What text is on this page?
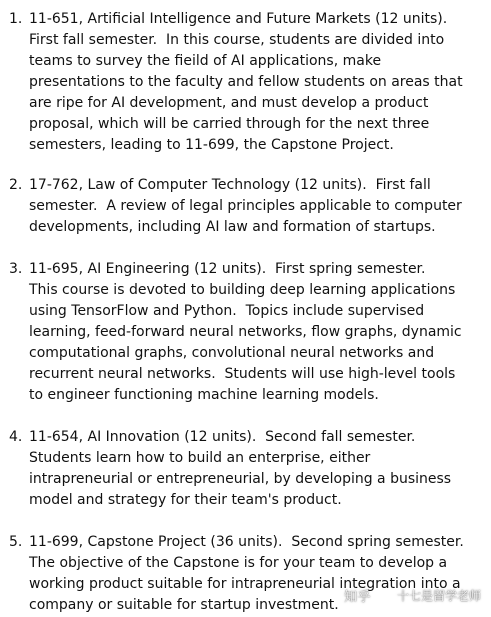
1. 11-651, Artificial Intelligence and Future Markets (12 units).
First fall semester.  In this course, students are divided into
teams to survey the fieild of AI applications, make
presentations to the faculty and fellow students on areas that
are ripe for AI development, and must develop a product
proposal, which will be carried through for the next three
semesters, leading to 11-699, the Capstone Project.
2. 17-762, Law of Computer Technology (12 units).  First fall
semester.  A review of legal principles applicable to computer
developments, including AI law and formation of startups.
3. 11-695, AI Engineering (12 units).  First spring semester.
This course is devoted to building deep learning applications
using TensorFlow and Python.  Topics include supervised
learning, feed-forward neural networks, flow graphs, dynamic
computational graphs, convolutional neural networks and
recurrent neural networks.  Students will use high-level tools
to engineer functioning machine learning models.
4. 11-654, AI Innovation (12 units).  Second fall semester.
Students learn how to build an enterprise, either
intrapreneurial or entrepreneurial, by developing a business
model and strategy for their team's product.
5. 11-699, Capstone Project (36 units).  Second spring semester.
The objective of the Capstone is for your team to develop a
working product suitable for intrapreneurial integration into a
company or suitable for startup investment. 知乎 十七是留学老师
